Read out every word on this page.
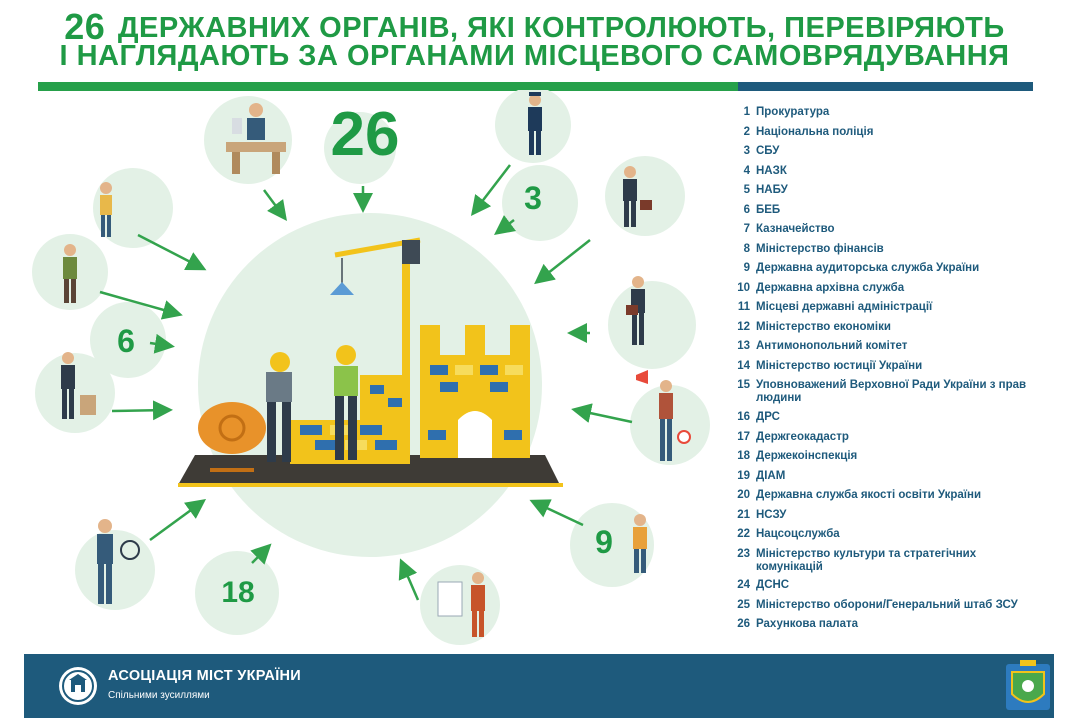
26 ДЕРЖАВНИХ ОРГАНІВ, ЯКІ КОНТРОЛЮЮТЬ, ПЕРЕВІРЯЮТЬ
І НАГЛЯДАЮТЬ ЗА ОРГАНАМИ МІСЦЕВОГО САМОВРЯДУВАННЯ
26
3
6
9
18
1 Прокуратура
2 Національна поліція
3 СБУ
4 НАЗК
5 НАБУ
6 БЕБ
7 Казначейство
8 Міністерство фінансів
9 Державна аудиторська служба України
10 Державна архівна служба
11 Місцеві державні адміністрації
12 Міністерство економіки
13 Антимонопольний комітет
14 Міністерство юстиції України
15 Уповноважений Верховної Ради України з прав людини
16 ДРС
17 Держгеокадастр
18 Держекоінспекція
19 ДІАМ
20 Державна служба якості освіти України
21 НСЗУ
22 Нацсоцслужба
23 Міністерство культури та стратегічних комунікацій
24 ДСНС
25 Міністерство оборони/Генеральний штаб ЗСУ
26 Рахункова палата
АСОЦІАЦІЯ МІСТ УКРАЇНИ
Спільними зусиллями
